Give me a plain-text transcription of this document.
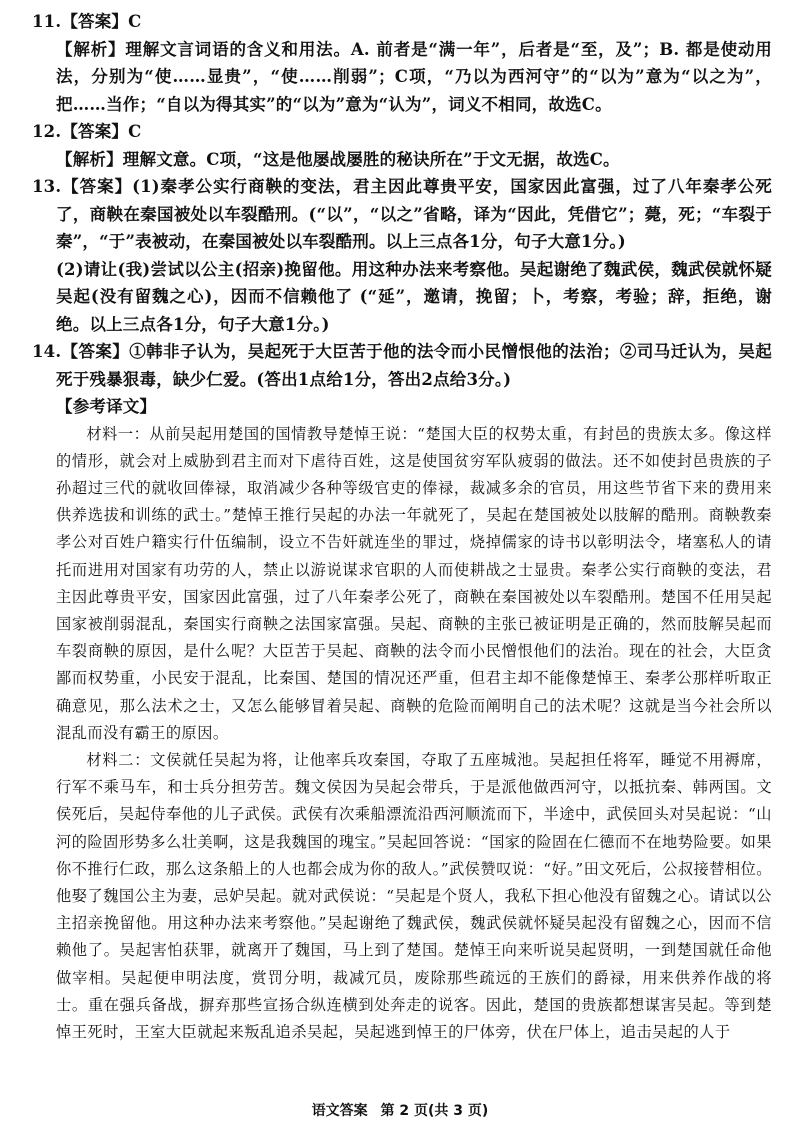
11.【答案】C

【解析】理解文言词语的含义和用法。A. 前者是“满一年”，后者是“至，及”；B. 都是使动用法，分别为“使……显贵”，“使……削弱”；C项，“乃以为西河守”的“以为”意为“以之为”，把……当作；“自以为得其实”的“以为”意为“认为”，词义不相同，故选C。

12.【答案】C

【解析】理解文意。C项，“这是他屡战屡胜的秘诀所在”于文无据，故选C。

13.【答案】(1)秦孝公实行商鞅的变法，君主因此尊贵平安，国家因此富强，过了八年秦孝公死了，商鞅在秦国被处以车裂酷刑。(“以”，“以之”省略，译为“因此，凭借它”；薨，死；“车裂于秦”，“于”表被动，在秦国被处以车裂酷刑。以上三点各1分，句子大意1分。)

(2)请让(我)尝试以公主(招亲)挽留他。用这种办法来考察他。吴起谢绝了魏武侯，魏武侯就怀疑吴起(没有留魏之心)，因而不信赖他了 (“延”，邀请，挽留；卜，考察，考验；辞，拒绝，谢绝。以上三点各1分，句子大意1分。)

14.【答案】①韩非子认为，吴起死于大臣苦于他的法令而小民憎恨他的法治；②司马迁认为，吴起死于残暴狠毒，缺少仁爱。(答出1点给1分，答出2点给3分。)

【参考译文】

材料一：从前吴起用楚国的国情教导楚悼王说：“楚国大臣的权势太重，有封邑的贵族太多。像这样的情形，就会对上威胁到君主而对下虐待百姓，这是使国贫穷军队疲弱的做法。还不如使封邑贵族的子孙超过三代的就收回俸禄，取消减少各种等级官吏的俸禄，裁减多余的官员，用这些节省下来的费用来供养选拔和训练的武士。”楚悼王推行吴起的办法一年就死了，吴起在楚国被处以肢解的酷刑。商鞅教秦孝公对百姓户籍实行什伍编制，设立不告奸就连坐的罪过，烧掉儒家的诗书以彰明法令，堵塞私人的请托而进用对国家有功劳的人，禁止以游说谋求官职的人而使耕战之士显贵。秦孝公实行商鞅的变法，君主因此尊贵平安，国家因此富强，过了八年秦孝公死了，商鞅在秦国被处以车裂酷刑。楚国不任用吴起国家被削弱混乱，秦国实行商鞅之法国家富强。吴起、商鞅的主张已被证明是正确的，然而肢解吴起而车裂商鞅的原因，是什么呢？大臣苦于吴起、商鞅的法令而小民憎恨他们的法治。现在的社会，大臣贪鄙而权势重，小民安于混乱，比秦国、楚国的情况还严重，但君主却不能像楚悼王、秦孝公那样听取正确意见，那么法术之士，又怎么能够冒着吴起、商鞅的危险而阐明自己的法术呢？这就是当今社会所以混乱而没有霸王的原因。

材料二：文侯就任吴起为将，让他率兵攻秦国，夺取了五座城池。吴起担任将军，睡觉不用褥席，行军不乘马车，和士兵分担劳苦。魏文侯因为吴起会带兵，于是派他做西河守，以抵抗秦、韩两国。文侯死后，吴起侍奉他的儿子武侯。武侯有次乘船漂流沿西河顺流而下，半途中，武侯回头对吴起说：“山河的险固形势多么壮美啊，这是我魏国的瑰宝。”吴起回答说：“国家的险固在仁德而不在地势险要。如果你不推行仁政，那么这条船上的人也都会成为你的敌人。”武侯赞叹说：“好。”田文死后，公叔接替相位。他娶了魏国公主为妻，忌妒吴起。就对武侯说：“吴起是个贤人，我私下担心他没有留魏之心。请试以公主招亲挽留他。用这种办法来考察他。”吴起谢绝了魏武侯，魏武侯就怀疑吴起没有留魏之心，因而不信赖他了。吴起害怕获罪，就离开了魏国，马上到了楚国。楚悼王向来听说吴起贤明，一到楚国就任命他做宰相。吴起便申明法度，赏罚分明，裁减冗员，废除那些疏远的王族们的爵禄，用来供养作战的将士。重在强兵备战，摒弃那些宣扬合纵连横到处奔走的说客。因此，楚国的贵族都想谋害吴起。等到楚悼王死时，王室大臣就起来叛乱追杀吴起，吴起逃到悼王的尸体旁，伏在尸体上，追击吴起的人于

语文答案 第 2 页(共 3 页)
